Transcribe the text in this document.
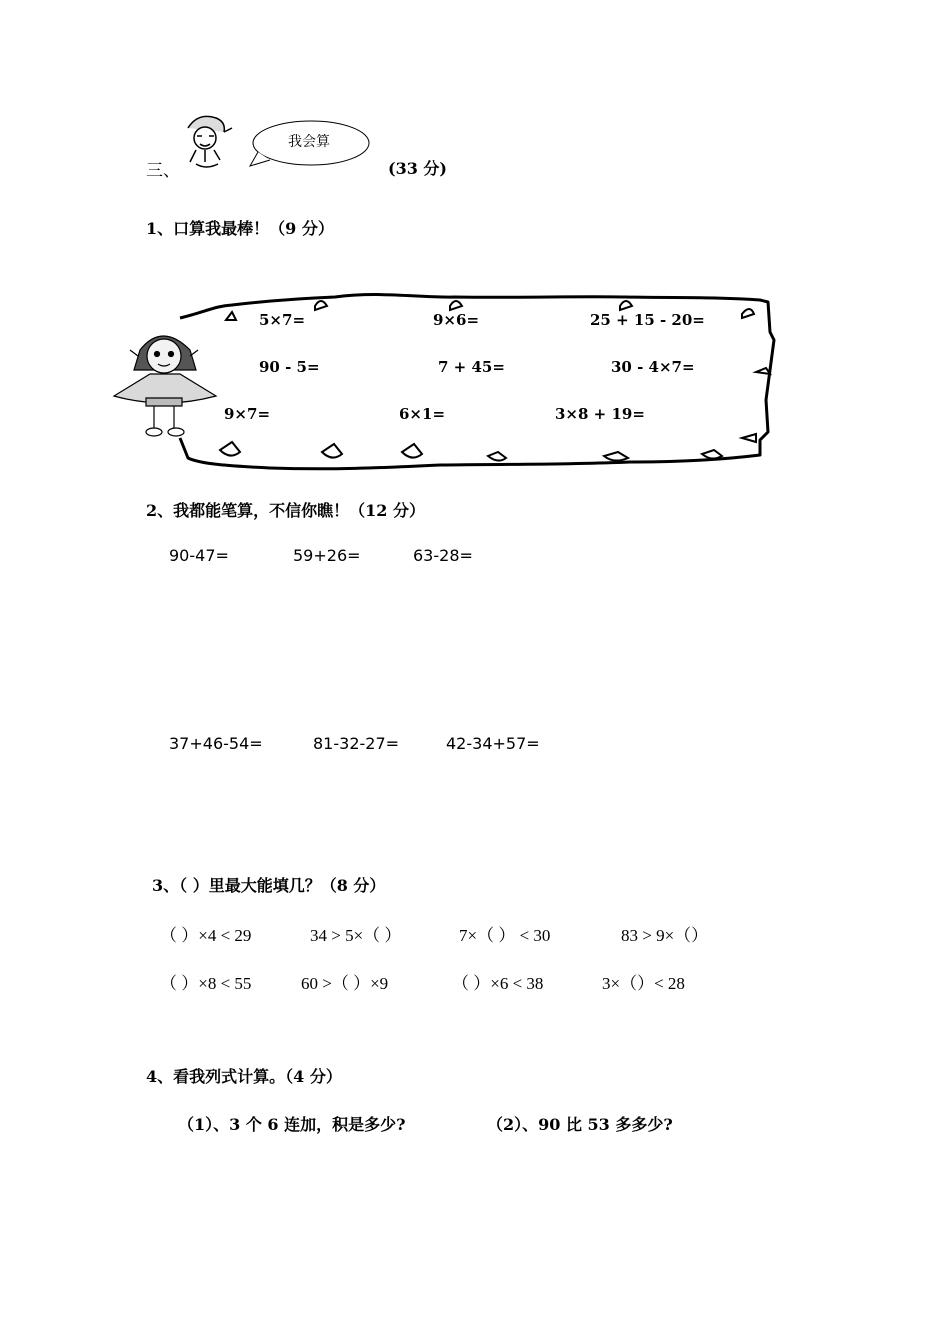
三、
我会算
(33 分)
1、口算我最棒！（9 分）
5×7=	9×6=	25 + 15 - 20=
90 - 5=	7 + 45=	30 - 4×7=
9×7=	6×1=	3×8 + 19=
2、我都能笔算，不信你瞧！（12 分）
90-47=	59+26=	63-28=
37+46-54=	81-32-27=	42-34+57=
3、（ ）里最大能填几？（8 分）
（ ）×4 < 29	34 > 5×（ ）	7×（ ） < 30	83 > 9×（）
（ ）×8 < 55	60 >（ ）×9	（ ）×6 < 38	3×（）< 28
4、看我列式计算。（4 分）
（1）、3 个 6 连加，积是多少?	（2）、90 比 53 多多少?
